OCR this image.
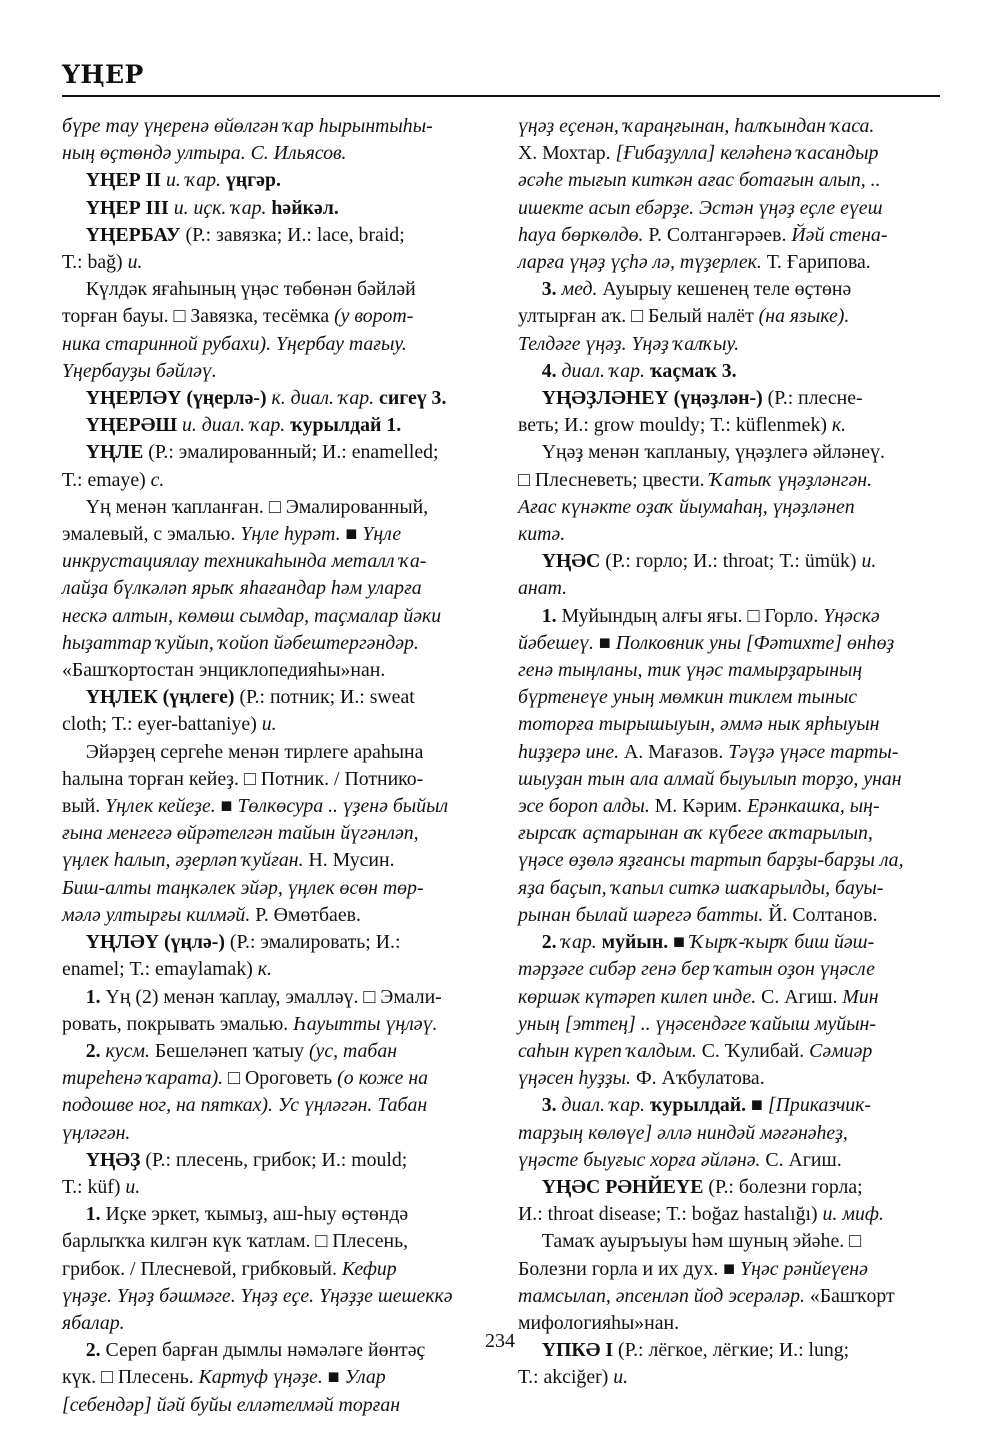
ҮҢЕР

бүре тау үңеренә өйөлгән ҡар һырынтыһы-
ның өҫтөндә ултыра. С. Ильясов.

ҮҢЕР II и. ҡар. үңгәр.

ҮҢЕР III и. иҫк. ҡар. һәйкәл.

ҮҢЕРБАУ (Р.: завязка; И.: lace, braid;
Т.: bağ) и.

Күлдәк яғаһының үңәс төбөнән бәйләй
торған бауы. □ Завязка, тесёмка (у ворот-
ника старинной рубахи). Үңербау тағыу.
Үңербауҙы бәйләү.

ҮҢЕРЛӘҮ (үңерлә-) к. диал. ҡар. сигеү 3.

ҮҢЕРӘШ и. диал. ҡар. ҡурылдай 1.

ҮҢЛЕ (Р.: эмалированный; И.: enamelled;
Т.: emaye) с.

Үң менән ҡапланған. □ Эмалированный,
эмалевый, с эмалью. Үңле һурәт. ■ Үңле
инкрустациялау техникаһында металл ҡа-
лайҙа бүлкәләп ярыҡ яһағандар һәм уларға
нескә алтын, көмөш сымдар, таҫмалар йәки
һыҙаттар ҡуйып, ҡойоп йәбештергәндәр.
«Башҡортостан энциклопедияһы»нан.

ҮҢЛЕК (үңлеге) (Р.: потник; И.: sweat
cloth; Т.: eyer-battaniye) и.

Эйәрҙең сергеһе менән тирлеге араһына
һалына торған кейеҙ. □ Потник. / Потнико-
вый. Үңлек кейеҙе. ■ Төлкөсура .. үҙенә быйыл
ғына менгегә өйрәтелгән тайын йүгәнләп,
үңлек һалып, әҙерләп ҡуйған. Н. Мусин.
Биш-алты таңкәлек эйәр, үңлек өсөн төр-
мәлә ултырғы килмәй. Р. Өмөтбаев.

ҮҢЛӘҮ (үңлә-) (Р.: эмалировать; И.:
enamel; Т.: emaylamak) к.

1. Үң (2) менән ҡаплау, эмалләү. □ Эмали-
ровать, покрывать эмалью. Һауытты үңләү.

2. кусм. Бешеләнеп ҡатыу (ус, табан
тиреһенә ҡарата). □ Ороговеть (о коже на
подошве ног, на пятках). Ус үңләгән. Табан
үңләгән.

ҮҢӘҘ (Р.: плесень, грибок; И.: mould;
Т.: küf) и.

1. Иҫке эркет, ҡымыҙ, аш-һыу өҫтөндә
барлыҡҡа килгән күк ҡатлам. □ Плесень,
грибок. / Плесневой, грибковый. Кефир
үңәҙе. Үңәҙ бәшмәге. Үңәҙ еҫе. Үңәҙҙе шешеккә
ябалар.

2. Сереп барған дымлы нәмәләге йөнтәҫ
күк. □ Плесень. Картуф үңәҙе. ■ Улар
[себендәр] йәй буйы елләтелмәй торған

үңәҙ еҫенән, ҡараңғынан, һалҡындан ҡаса.
Х. Мохтар. [Ғибаҙулла] келәһенә ҡасандыр
әсәһе тығып киткән ағас ботағын алып, ..
ишекте асып ебәрҙе. Эстән үңәҙ еҫле еүеш
һауа бөркөлдө. Р. Солтангәрәев. Йәй стена-
ларға үңәҙ үҫһә лә, түҙерлек. Т. Ғарипова.

3. мед. Ауырыу кешенең теле өҫтөнә
ултырған аҡ. □ Белый налёт (на языке).
Телдәге үңәҙ. Үңәҙ ҡалҡыу.

4. диал. ҡар. ҡаçмаҡ 3.

ҮҢӘҘЛӘНЕҮ (үңәҙлән-) (Р.: плесне-
веть; И.: grow mouldy; Т.: küflenmek) к.

Үңәҙ менән ҡапланыу, үңәҙлегә әйләнеү.
□ Плесневеть; цвести. Ҡатыҡ үңәҙләнгән.
Ағас күнәкте оҙаҡ йыумаһаң, үңәҙләнеп
китә.

ҮҢӘС (Р.: горло; И.: throat; Т.: ümük) и.
анат.

1. Муйындың алғы яғы. □ Горло. Үңәскә
йәбешеү. ■ Полковник уны [Фәтихте] өнһөҙ
генә тыңланы, тик үңәс тамырҙарының
бүртенеүе уның мөмкин тиклем тыныс
тоторға тырышыуын, әммә нык ярһыуын
һиҙҙерә ине. А. Мағазов. Тәүҙә үңәсе тарты-
шыуҙан тын ала алмай быуылып торҙо, унан
эсе бороп алды. М. Кәрим. Ерәнкашка, ың-
ғырсаҡ аҫтарынан аҡ күбеге аҡтарылып,
үңәсе өҙөлә яҙғансы тартып барҙы-барҙы ла,
яҙа баҫып, ҡапыл ситкә шаҡарылды, бауы-
рынан былай шәрегә батты. Й. Солтанов.

2. ҡар. муйын. ■ Ҡырҡ-ҡырҡ биш йәш-
тәрҙәге сибәр генә бер ҡатын оҙон үңәсле
көршәк күтәреп килеп инде. С. Агиш. Мин
уның [эттең] .. үңәсендәге ҡайыш муйын-
саһын күреп ҡалдым. С. Ҡулибай. Сәмиәр
үңәсен һуҙҙы. Ф. Аҡбулатова.

3. диал. ҡар. ҡурылдай. ■ [Приказчик-
тарҙың көлөүе] әллә ниндәй мәғәнәһеҙ,
үңәсте быуғыс хорға әйләнә. С. Агиш.

ҮҢӘС РӘНЙЕҮЕ (Р.: болезни горла;
И.: throat disease; Т.: boğaz hastalığı) и. миф.

Тамаҡ ауыръыуы һәм шуның эйәһе. □
Болезни горла и их дух. ■ Үңәс рәнйеүенә
тамсылап, әпсенләп йод эсерәләр. «Башҡорт
мифологияһы»нан.

ҮПКӘ I (Р.: лёгкое, лёгкие; И.: lung;
Т.: akciğer) и.

234
